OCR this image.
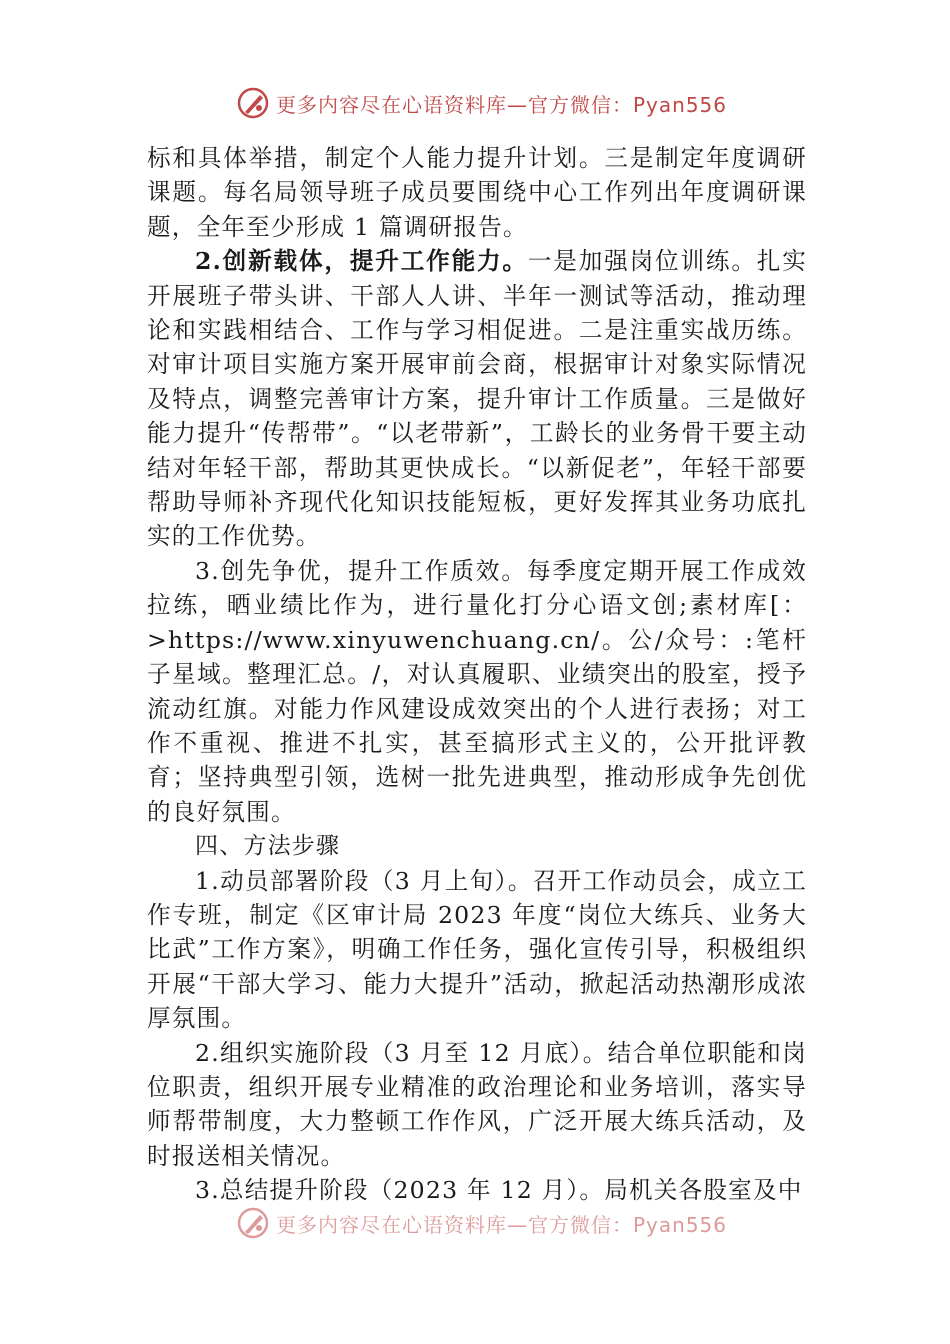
更多内容尽在心语资料库—官方微信：Pyan556

标和具体举措，制定个人能力提升计划。三是制定年度调研课题。每名局领导班子成员要围绕中心工作列出年度调研课题，全年至少形成 1 篇调研报告。

2.创新载体，提升工作能力。一是加强岗位训练。扎实开展班子带头讲、干部人人讲、半年一测试等活动，推动理论和实践相结合、工作与学习相促进。二是注重实战历练。对审计项目实施方案开展审前会商，根据审计对象实际情况及特点，调整完善审计方案，提升审计工作质量。三是做好能力提升“传帮带”。“以老带新”，工龄长的业务骨干要主动结对年轻干部，帮助其更快成长。“以新促老”，年轻干部要帮助导师补齐现代化知识技能短板，更好发挥其业务功底扎实的工作优势。

3.创先争优，提升工作质效。每季度定期开展工作成效拉练，晒业绩比作为，进行量化打分心语文创;素材库[：>https://www.xinyuwenchuang.cn/。公/众号：:笔杆子星域。整理汇总。/，对认真履职、业绩突出的股室，授予流动红旗。对能力作风建设成效突出的个人进行表扬；对工作不重视、推进不扎实，甚至搞形式主义的，公开批评教育；坚持典型引领，选树一批先进典型，推动形成争先创优的良好氛围。

四、方法步骤

1.动员部署阶段（3 月上旬）。召开工作动员会，成立工作专班，制定《区审计局 2023 年度“岗位大练兵、业务大比武”工作方案》，明确工作任务，强化宣传引导，积极组织开展“干部大学习、能力大提升”活动，掀起活动热潮形成浓厚氛围。

2.组织实施阶段（3 月至 12 月底）。结合单位职能和岗位职责，组织开展专业精准的政治理论和业务培训，落实导师帮带制度，大力整顿工作作风，广泛开展大练兵活动，及时报送相关情况。

3.总结提升阶段（2023 年 12 月）。局机关各股室及中

更多内容尽在心语资料库—官方微信：Pyan556
